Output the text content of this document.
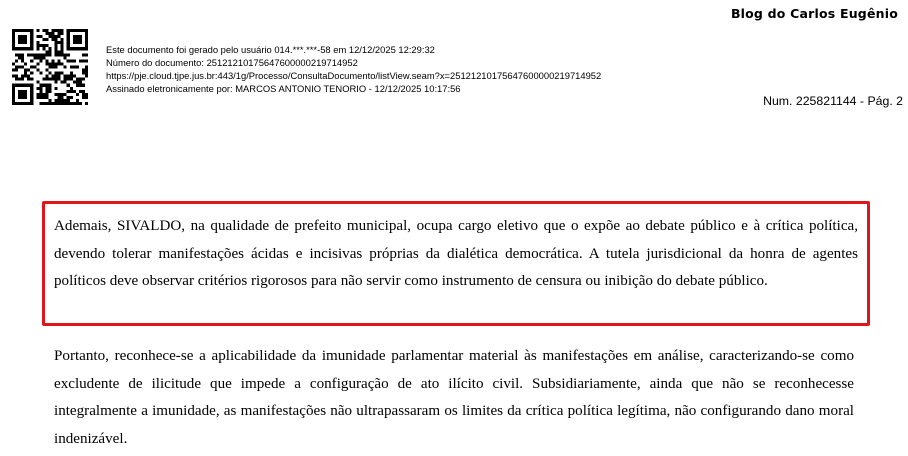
Blog do Carlos Eugênio
Este documento foi gerado pelo usuário 014.***.***-58 em 12/12/2025 12:29:32
Número do documento: 25121210175647600000219714952
https://pje.cloud.tjpe.jus.br:443/1g/Processo/ConsultaDocumento/listView.seam?x=25121210175647600000219714952
Assinado eletronicamente por: MARCOS ANTONIO TENORIO - 12/12/2025 10:17:56
Num. 225821144 - Pág. 2

Ademais, SIVALDO, na qualidade de prefeito municipal, ocupa cargo eletivo que o expõe ao debate público e à crítica política, devendo tolerar manifestações ácidas e incisivas próprias da dialética democrática. A tutela jurisdicional da honra de agentes políticos deve observar critérios rigorosos para não servir como instrumento de censura ou inibição do debate público.

Portanto, reconhece-se a aplicabilidade da imunidade parlamentar material às manifestações em análise, caracterizando-se como excludente de ilicitude que impede a configuração de ato ilícito civil. Subsidiariamente, ainda que não se reconhecesse integralmente a imunidade, as manifestações não ultrapassaram os limites da crítica política legítima, não configurando dano moral indenizável.
